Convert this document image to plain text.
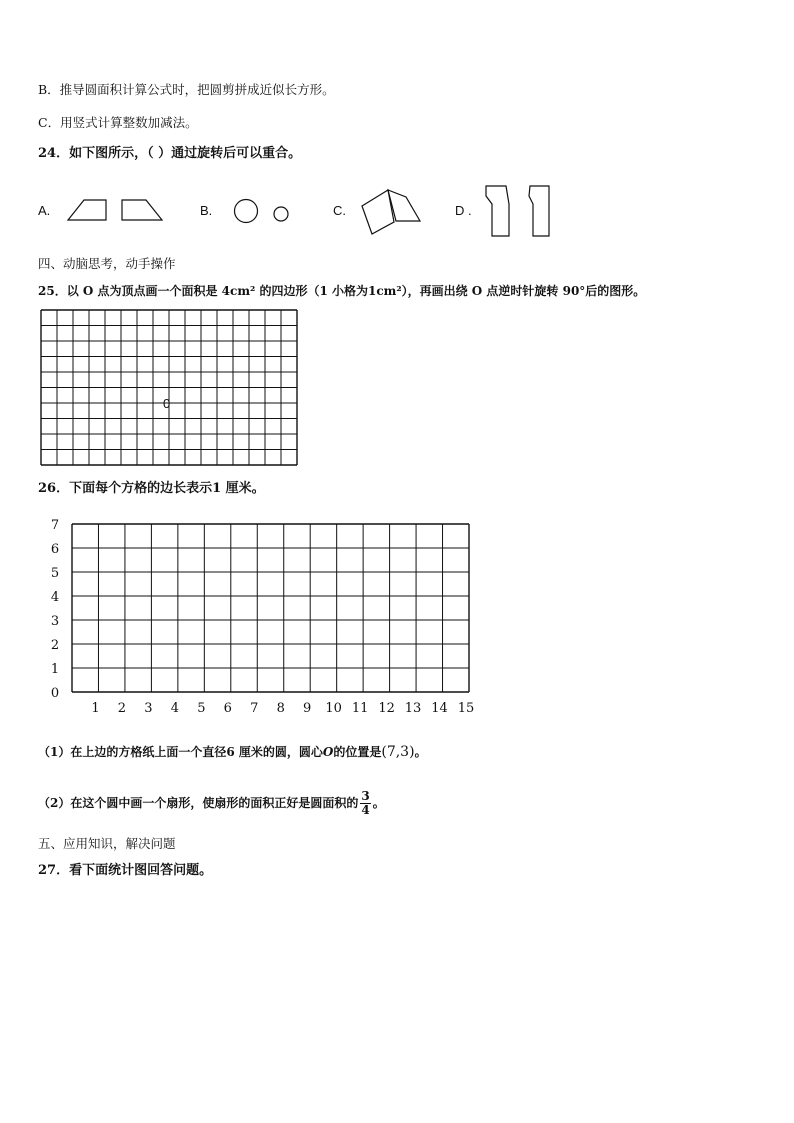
B．推导圆面积计算公式时，把圆剪拼成近似长方形。
C．用竖式计算整数加减法。
24．如下图所示，（ ）通过旋转后可以重合。
A.	B.	C.	D .
四、动脑思考，动手操作
25．以 O 点为顶点画一个面积是 4cm² 的四边形（1 小格为1cm²），再画出绕 O 点逆时针旋转 90°后的图形。
0
26．下面每个方格的边长表示1 厘米。
7
6
5
4
3
2
1
0
1 2 3 4 5 6 7 8 9 10 11 12 13 14 15
（1）在上边的方格纸上面一个直径6 厘米的圆，圆心O的位置是(7,3)。
（2）在这个圆中画一个扇形，使扇形的面积正好是圆面积的 $\frac{3}{4}$ 。
五、应用知识，解决问题
27．看下面统计图回答问题。
